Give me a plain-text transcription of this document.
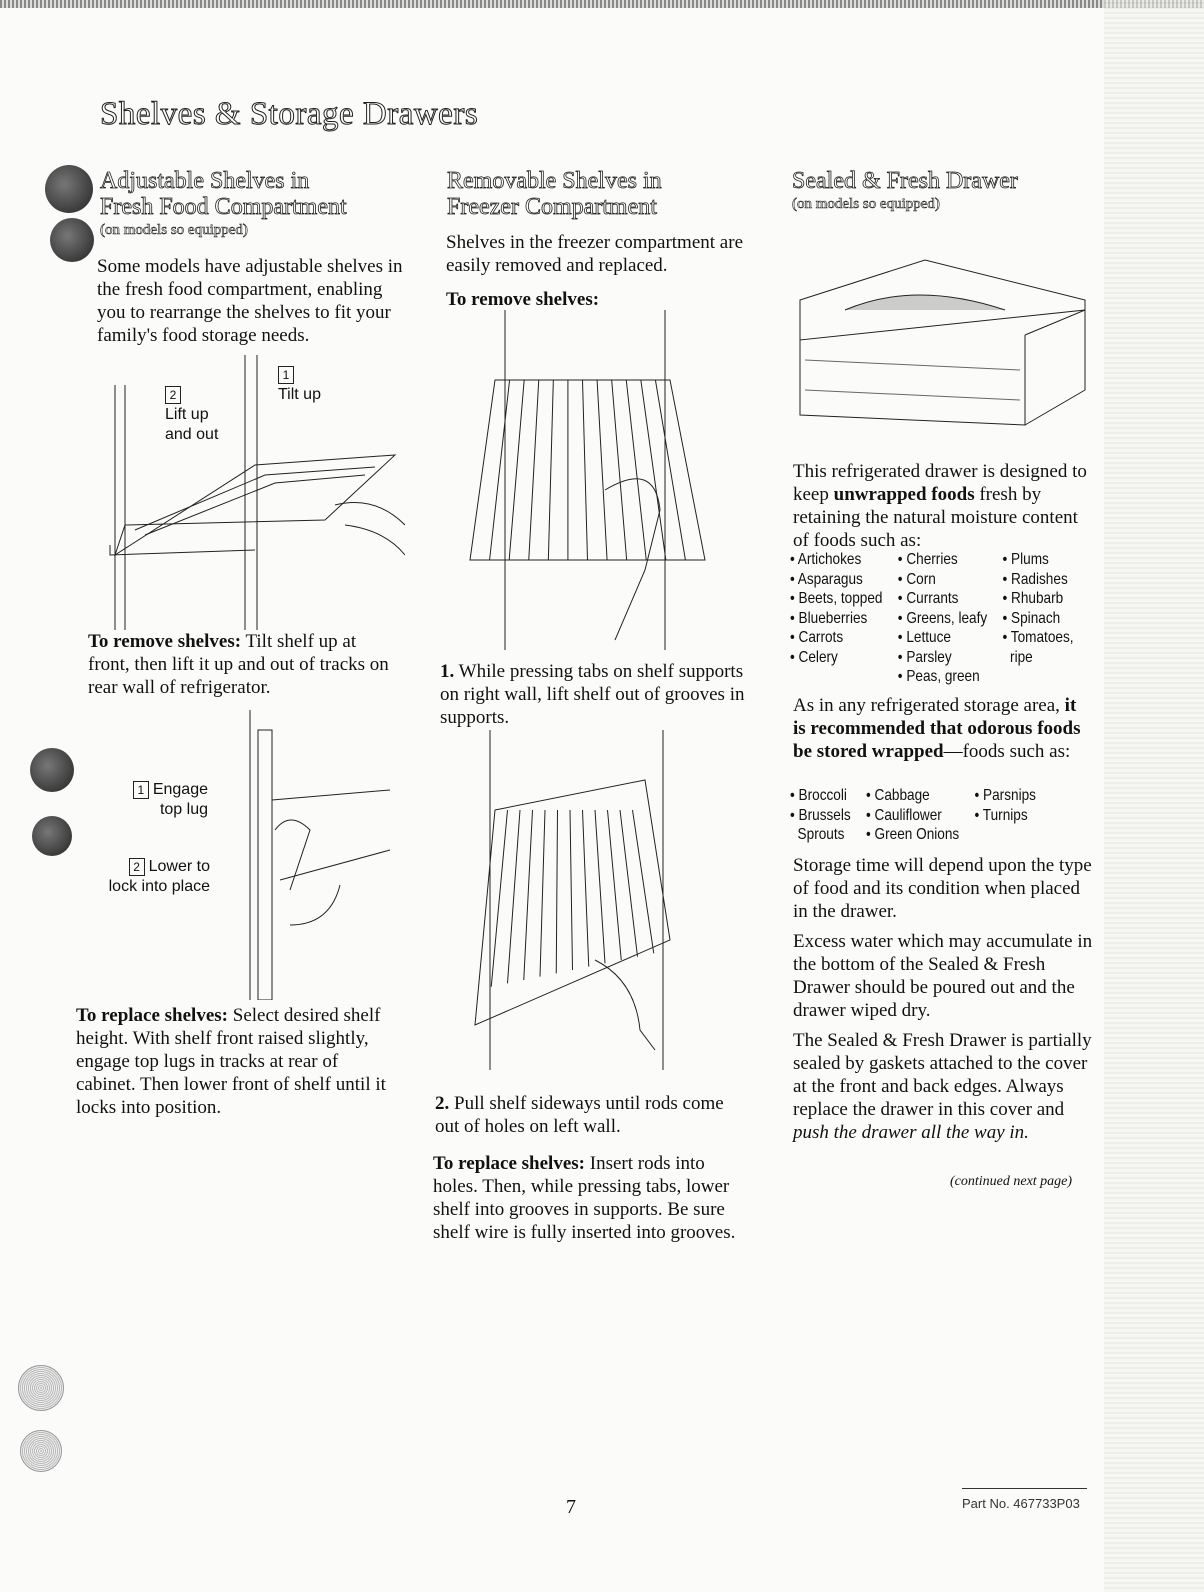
Shelves & Storage Drawers
Adjustable Shelves in
Fresh Food Compartment
(on models so equipped)
Some models have adjustable shelves in the fresh food compartment, enabling you to rearrange the shelves to fit your family's food storage needs.
2
Lift up
and out
1
Tilt up
To remove shelves: Tilt shelf up at front, then lift it up and out of tracks on rear wall of refrigerator.
1 Engage
top lug
2 Lower to
lock into place
To replace shelves: Select desired shelf height. With shelf front raised slightly, engage top lugs in tracks at rear of cabinet. Then lower front of shelf until it locks into position.
Removable Shelves in
Freezer Compartment
Shelves in the freezer compartment are easily removed and replaced.
To remove shelves:
1. While pressing tabs on shelf supports on right wall, lift shelf out of grooves in supports.
2. Pull shelf sideways until rods come out of holes on left wall.
To replace shelves: Insert rods into holes. Then, while pressing tabs, lower shelf into grooves in supports. Be sure shelf wire is fully inserted into grooves.
Sealed & Fresh Drawer
(on models so equipped)
This refrigerated drawer is designed to keep unwrapped foods fresh by retaining the natural moisture content of foods such as:
• Artichokes	• Cherries	• Plums
• Asparagus	• Corn	• Radishes
• Beets, topped	• Currants	• Rhubarb
• Blueberries	• Greens, leafy	• Spinach
• Carrots	• Lettuce	• Tomatoes,
• Celery	• Parsley	ripe
	• Peas, green	
As in any refrigerated storage area, it is recommended that odorous foods be stored wrapped—foods such as:
• Broccoli	• Cabbage	• Parsnips
• Brussels	• Cauliflower	• Turnips
Sprouts	• Green Onions	
Storage time will depend upon the type of food and its condition when placed in the drawer.
Excess water which may accumulate in the bottom of the Sealed & Fresh Drawer should be poured out and the drawer wiped dry.
The Sealed & Fresh Drawer is partially sealed by gaskets attached to the cover at the front and back edges. Always replace the drawer in this cover and push the drawer all the way in.
(continued next page)
7	Part No. 467733P03
